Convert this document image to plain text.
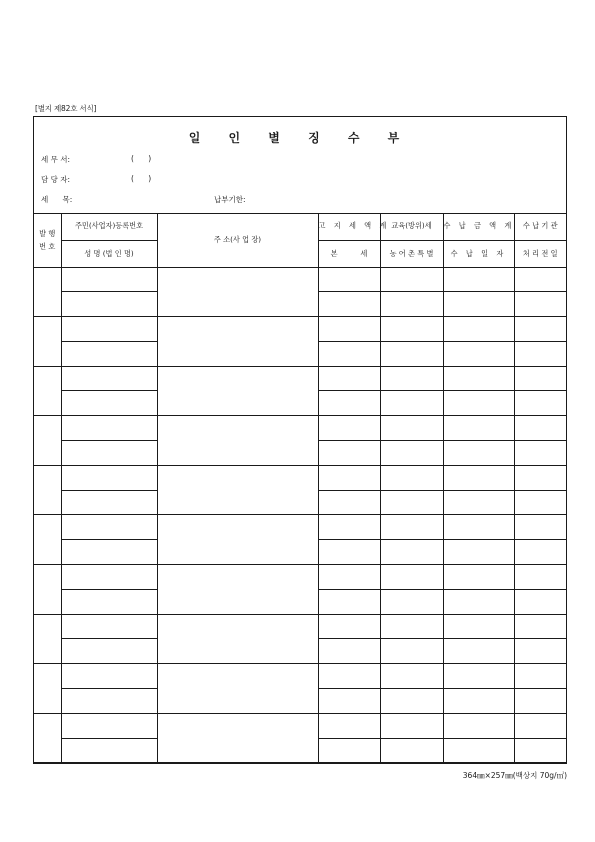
[별지 제82호 서식]
일 인 별 징 수 부
세 무 서:	(      )
담 당 자:	(      )
세      목:	납부기한:
발 행
번 호	주민(사업자)등록번호	주 소(사 업 장)	고 지 세 액 계	교육(방위)세	수 납 금 액 계	수 납 기 관
	성 명 (법 인 명)		본          세	농 어 촌 특 별	수 납 일 자	처 리 전 일

364㎜×257㎜(백상지 70g/㎡)
